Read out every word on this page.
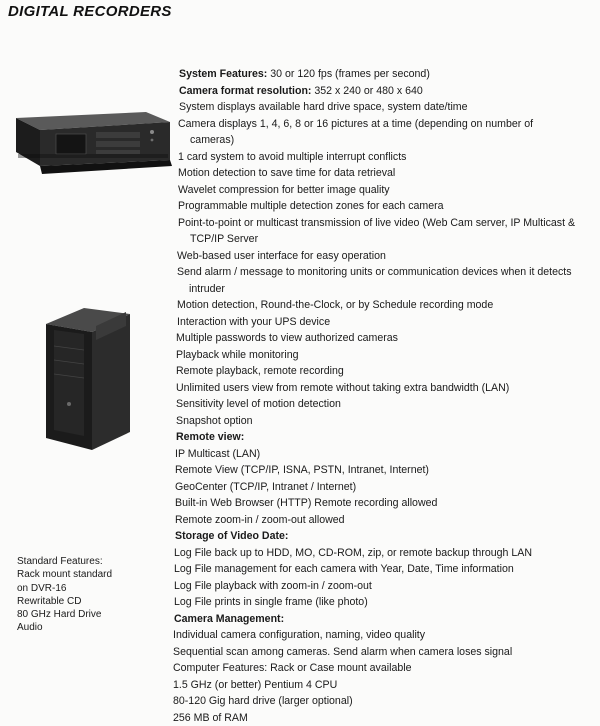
DIGITAL RECORDERS
System Features: 30 or 120 fps (frames per second)
Camera format resolution: 352 x 240 or 480 x 640
System displays available hard drive space, system date/time
Camera displays 1, 4, 6, 8 or 16 pictures at a time (depending on number of
cameras)
1 card system to avoid multiple interrupt conflicts
Motion detection to save time for data retrieval
Wavelet compression for better image quality
Programmable multiple detection zones for each camera
Point-to-point or multicast transmission of live video (Web Cam server, IP Multicast &
TCP/IP Server
Web-based user interface for easy operation
Send alarm / message to monitoring units or communication devices when it detects
intruder
Motion detection, Round-the-Clock, or by Schedule recording mode
Interaction with your UPS device
Multiple passwords to view authorized cameras
Playback while monitoring
Remote playback, remote recording
Unlimited users view from remote without taking extra bandwidth (LAN)
Sensitivity level of motion detection
Snapshot option
Remote view:
IP Multicast (LAN)
Remote View (TCP/IP, ISNA, PSTN, Intranet, Internet)
GeoCenter (TCP/IP, Intranet / Internet)
Built-in Web Browser (HTTP) Remote recording allowed
Remote zoom-in / zoom-out allowed
Storage of Video Date:
Log File back up to HDD, MO, CD-ROM, zip, or remote backup through LAN
Log File management for each camera with Year, Date, Time information
Log File playback with zoom-in / zoom-out
Log File prints in single frame (like photo)
Camera Management:
Individual camera configuration, naming, video quality
Sequential scan among cameras. Send alarm when camera loses signal
Computer Features: Rack or Case mount available
1.5 GHz (or better) Pentium 4 CPU
80-120 Gig hard drive (larger optional)
256 MB of RAM
Standard Features:
Rack mount standard
on DVR-16
Rewritable CD
80 GHz Hard Drive
Audio
